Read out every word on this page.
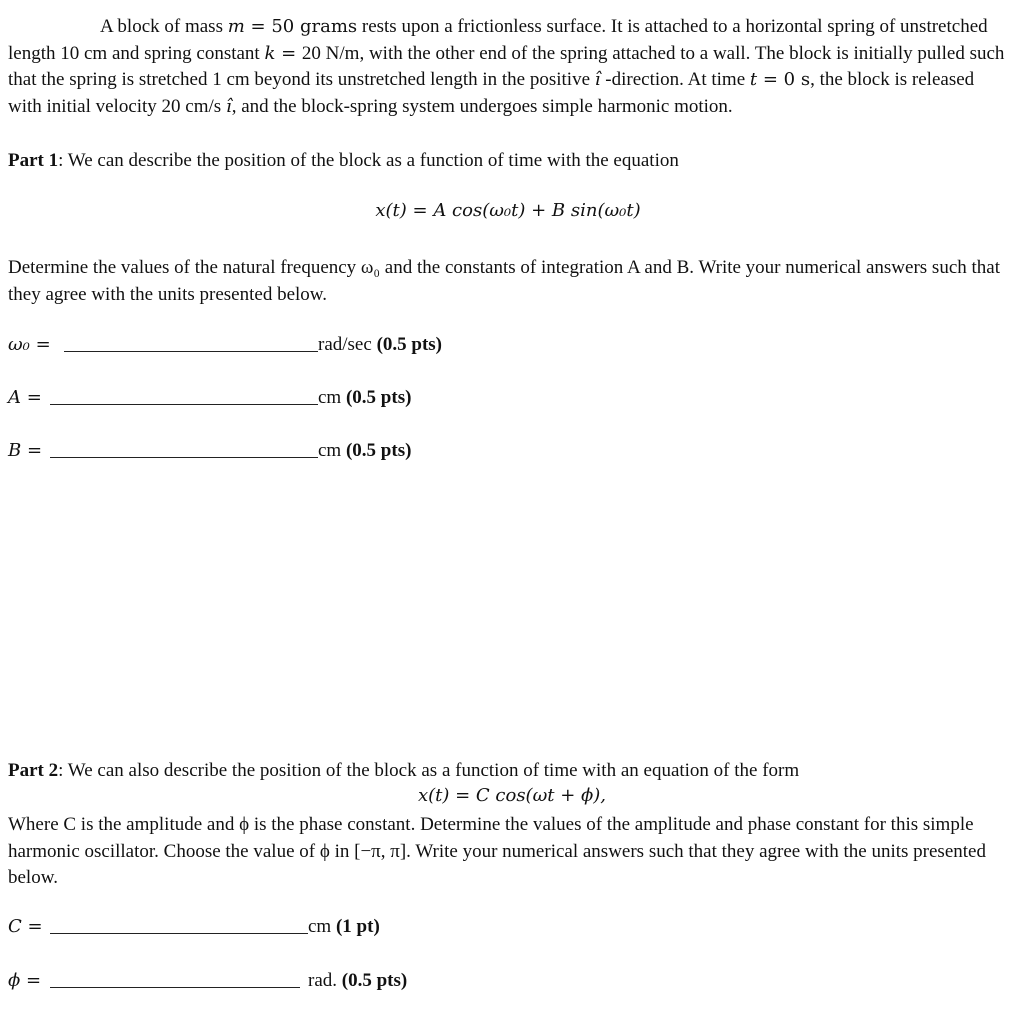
A block of mass m = 50 grams rests upon a frictionless surface. It is attached to a horizontal spring of unstretched length 10 cm and spring constant k = 20 N/m, with the other end of the spring attached to a wall. The block is initially pulled such that the spring is stretched 1 cm beyond its unstretched length in the positive î -direction. At time t = 0 s, the block is released with initial velocity 20 cm/s î, and the block-spring system undergoes simple harmonic motion.

Part 1: We can describe the position of the block as a function of time with the equation

x(t) = A cos(ω₀t) + B sin(ω₀t)

Determine the values of the natural frequency ω₀ and the constants of integration A and B. Write your numerical answers such that they agree with the units presented below.

ω₀ =	rad/sec (0.5 pts)
A =	cm (0.5 pts)
B =	cm (0.5 pts)

Part 2: We can also describe the position of the block as a function of time with an equation of the form

x(t) = C cos(ωt + ϕ),

Where C is the amplitude and ϕ is the phase constant. Determine the values of the amplitude and phase constant for this simple harmonic oscillator. Choose the value of ϕ in [−π, π]. Write your numerical answers such that they agree with the units presented below.

C =	cm (1 pt)
ϕ =	rad. (0.5 pts)
